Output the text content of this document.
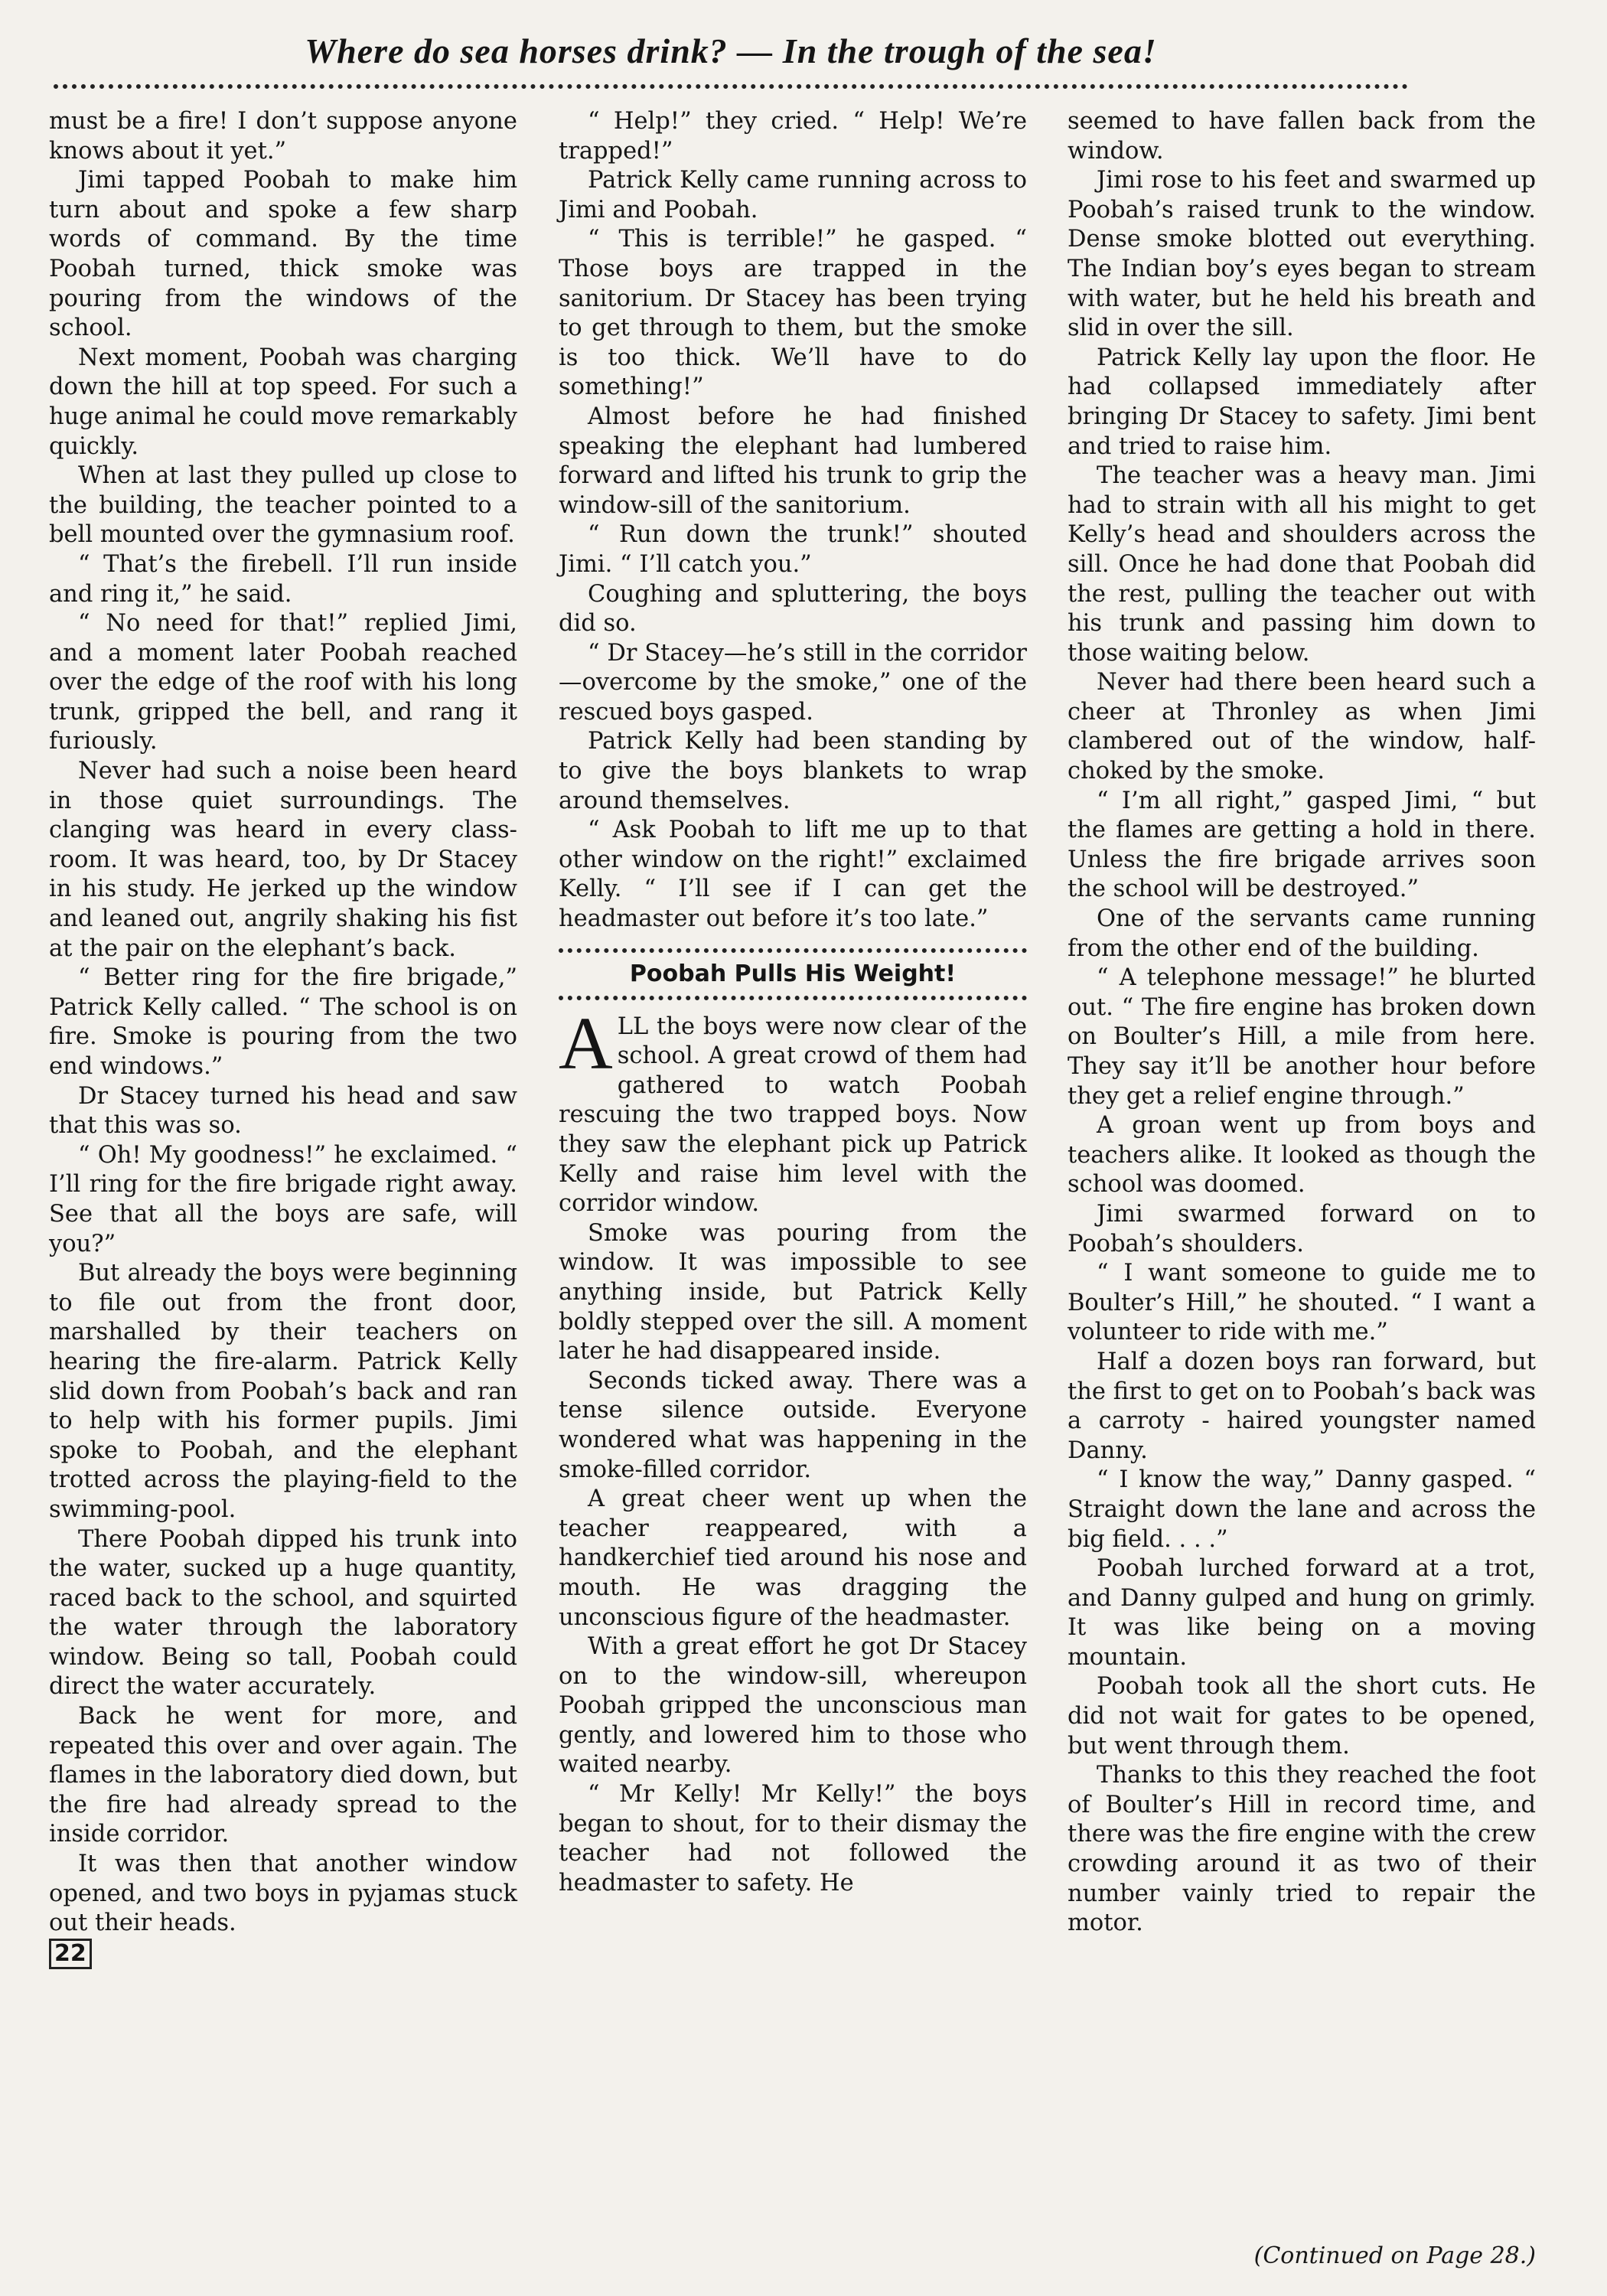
Where do sea horses drink? — In the trough of the sea!

must be a fire! I don’t suppose anyone knows about it yet.”

Jimi tapped Poobah to make him turn about and spoke a few sharp words of command. By the time Poobah turned, thick smoke was pouring from the windows of the school.

Next moment, Poobah was charging down the hill at top speed. For such a huge animal he could move remarkably quickly.

When at last they pulled up close to the building, the teacher pointed to a bell mounted over the gymnasium roof.

“ That’s the firebell. I’ll run inside and ring it,” he said.

“ No need for that!” replied Jimi, and a moment later Poobah reached over the edge of the roof with his long trunk, gripped the bell, and rang it furiously.

Never had such a noise been heard in those quiet surroundings. The clanging was heard in every class-room. It was heard, too, by Dr Stacey in his study. He jerked up the window and leaned out, angrily shaking his fist at the pair on the elephant’s back.

“ Better ring for the fire brigade,” Patrick Kelly called. “ The school is on fire. Smoke is pouring from the two end windows.”

Dr Stacey turned his head and saw that this was so.

“ Oh! My goodness!” he exclaimed. “ I’ll ring for the fire brigade right away. See that all the boys are safe, will you?”

But already the boys were beginning to file out from the front door, marshalled by their teachers on hearing the fire-alarm. Patrick Kelly slid down from Poobah’s back and ran to help with his former pupils. Jimi spoke to Poobah, and the elephant trotted across the playing-field to the swimming-pool.

There Poobah dipped his trunk into the water, sucked up a huge quantity, raced back to the school, and squirted the water through the laboratory window. Being so tall, Poobah could direct the water accurately.

Back he went for more, and repeated this over and over again. The flames in the laboratory died down, but the fire had already spread to the inside corridor.

It was then that another window opened, and two boys in pyjamas stuck out their heads.

22

“ Help!” they cried. “ Help! We’re trapped!”

Patrick Kelly came running across to Jimi and Poobah.

“ This is terrible!” he gasped. “ Those boys are trapped in the sanitorium. Dr Stacey has been trying to get through to them, but the smoke is too thick. We’ll have to do something!”

Almost before he had finished speaking the elephant had lumbered forward and lifted his trunk to grip the window-sill of the sanitorium.

“ Run down the trunk!” shouted Jimi. “ I’ll catch you.”

Coughing and spluttering, the boys did so.

“ Dr Stacey—he’s still in the corridor—overcome by the smoke,” one of the rescued boys gasped.

Patrick Kelly had been standing by to give the boys blankets to wrap around themselves.

“ Ask Poobah to lift me up to that other window on the right!” exclaimed Kelly. “ I’ll see if I can get the headmaster out before it’s too late.”

Poobah Pulls His Weight!

ALL the boys were now clear of the school. A great crowd of them had gathered to watch Poobah rescuing the two trapped boys. Now they saw the elephant pick up Patrick Kelly and raise him level with the corridor window.

Smoke was pouring from the window. It was impossible to see anything inside, but Patrick Kelly boldly stepped over the sill. A moment later he had disappeared inside.

Seconds ticked away. There was a tense silence outside. Everyone wondered what was happening in the smoke-filled corridor.

A great cheer went up when the teacher reappeared, with a handkerchief tied around his nose and mouth. He was dragging the unconscious figure of the headmaster.

With a great effort he got Dr Stacey on to the window-sill, whereupon Poobah gripped the unconscious man gently, and lowered him to those who waited nearby.

“ Mr Kelly! Mr Kelly!” the boys began to shout, for to their dismay the teacher had not followed the headmaster to safety. He

seemed to have fallen back from the window.

Jimi rose to his feet and swarmed up Poobah’s raised trunk to the window. Dense smoke blotted out everything. The Indian boy’s eyes began to stream with water, but he held his breath and slid in over the sill.

Patrick Kelly lay upon the floor. He had collapsed immediately after bringing Dr Stacey to safety. Jimi bent and tried to raise him.

The teacher was a heavy man. Jimi had to strain with all his might to get Kelly’s head and shoulders across the sill. Once he had done that Poobah did the rest, pulling the teacher out with his trunk and passing him down to those waiting below.

Never had there been heard such a cheer at Thronley as when Jimi clambered out of the window, half-choked by the smoke.

“ I’m all right,” gasped Jimi, “ but the flames are getting a hold in there. Unless the fire brigade arrives soon the school will be destroyed.”

One of the servants came running from the other end of the building.

“ A telephone message!” he blurted out. “ The fire engine has broken down on Boulter’s Hill, a mile from here. They say it’ll be another hour before they get a relief engine through.”

A groan went up from boys and teachers alike. It looked as though the school was doomed.

Jimi swarmed forward on to Poobah’s shoulders.

“ I want someone to guide me to Boulter’s Hill,” he shouted. “ I want a volunteer to ride with me.”

Half a dozen boys ran forward, but the first to get on to Poobah’s back was a carroty - haired youngster named Danny.

“ I know the way,” Danny gasped. “ Straight down the lane and across the big field. . . .”

Poobah lurched forward at a trot, and Danny gulped and hung on grimly. It was like being on a moving mountain.

Poobah took all the short cuts. He did not wait for gates to be opened, but went through them.

Thanks to this they reached the foot of Boulter’s Hill in record time, and there was the fire engine with the crew crowding around it as two of their number vainly tried to repair the motor.

(Continued on Page 28.)
